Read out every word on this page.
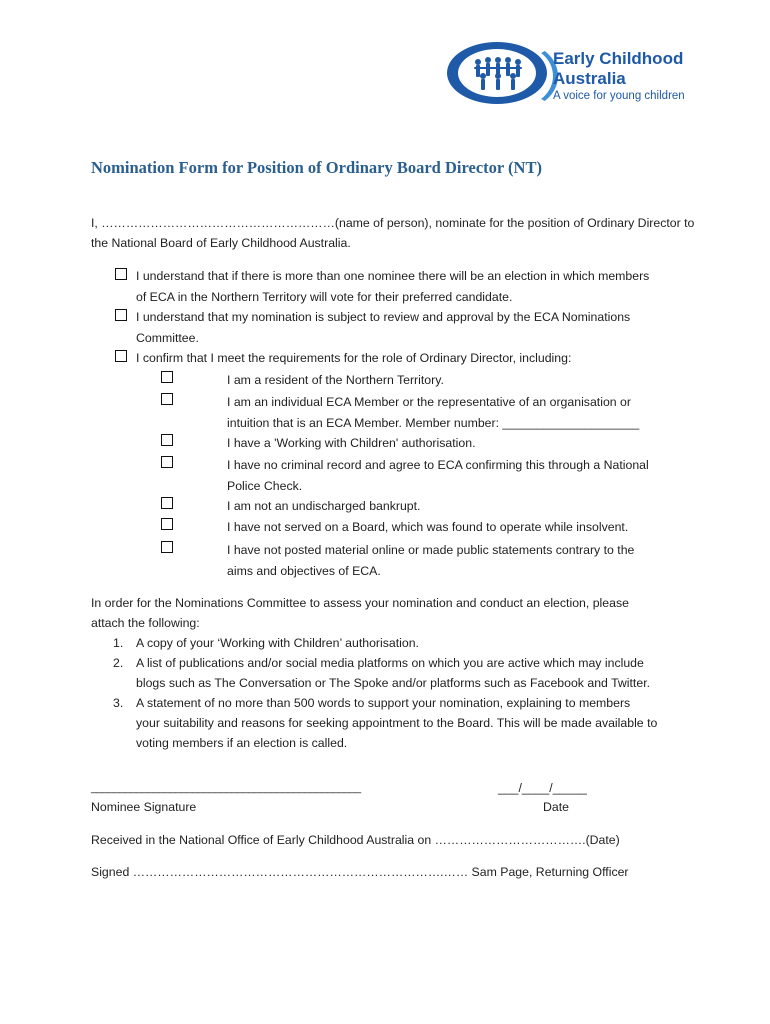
Early Childhood
Australia
A voice for young children
Nomination Form for Position of Ordinary Board Director (NT)
I, …………………………………………………(name of person), nominate for the position of Ordinary Director to
the National Board of Early Childhood Australia.
I understand that if there is more than one nominee there will be an election in which members
of ECA in the Northern Territory will vote for their preferred candidate.
I understand that my nomination is subject to review and approval by the ECA Nominations
Committee.
I confirm that I meet the requirements for the role of Ordinary Director, including:
I am a resident of the Northern Territory.
I am an individual ECA Member or the representative of an organisation or
intuition that is an ECA Member. Member number: ____________________
I have a 'Working with Children' authorisation.
I have no criminal record and agree to ECA confirming this through a National
Police Check.
I am not an undischarged bankrupt.
I have not served on a Board, which was found to operate while insolvent.
I have not posted material online or made public statements contrary to the
aims and objectives of ECA.
In order for the Nominations Committee to assess your nomination and conduct an election, please
attach the following:
1. A copy of your ‘Working with Children’ authorisation.
2. A list of publications and/or social media platforms on which you are active which may include
blogs such as The Conversation or The Spoke and/or platforms such as Facebook and Twitter.
3. A statement of no more than 500 words to support your nomination, explaining to members
your suitability and reasons for seeking appointment to the Board. This will be made available to
voting members if an election is called.
________________________________________________
Nominee Signature
___/____/_____
Date
Received in the National Office of Early Childhood Australia on ……………………………….(Date)
Signed ………………………………………………………………….…… Sam Page, Returning Officer
